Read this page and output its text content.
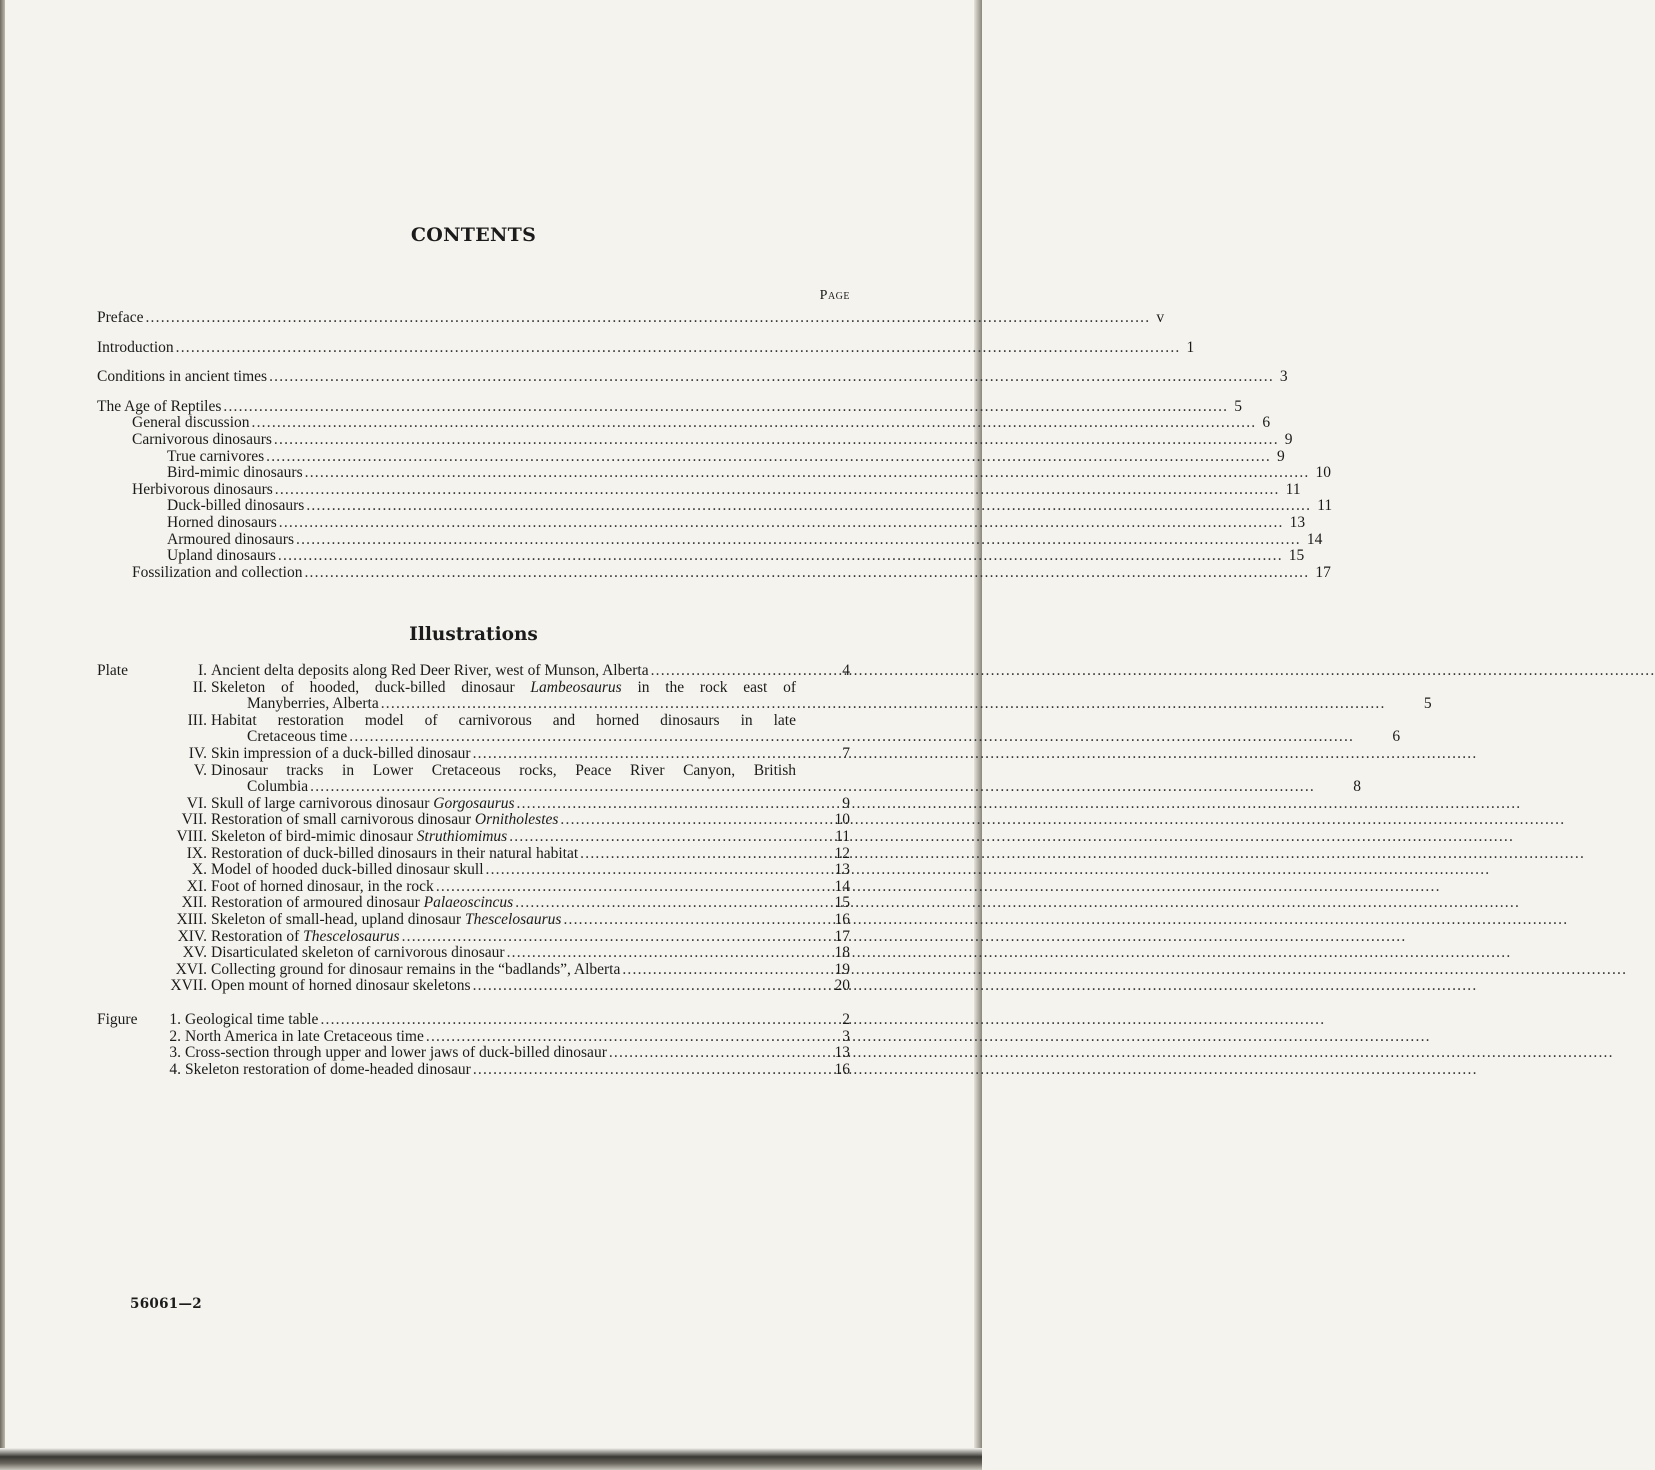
CONTENTS
Page
Preface .....	v
Introduction .....	1
Conditions in ancient times .....	3
The Age of Reptiles .....	5
General discussion .....	6
Carnivorous dinosaurs .....	9
True carnivores .....	9
Bird-mimic dinosaurs .....	10
Herbivorous dinosaurs .....	11
Duck-billed dinosaurs .....	11
Horned dinosaurs .....	13
Armoured dinosaurs .....	14
Upland dinosaurs .....	15
Fossilization and collection .....	17
Illustrations
Plate	I. Ancient delta deposits along Red Deer River, west of Munson, Alberta .....	4
II. Skeleton of hooded, duck-billed dinosaur Lambeosaurus in the rock east of
Manyberries, Alberta .....	5
III. Habitat restoration model of carnivorous and horned dinosaurs in late
Cretaceous time .....	6
IV. Skin impression of a duck-billed dinosaur .....	7
V. Dinosaur tracks in Lower Cretaceous rocks, Peace River Canyon, British
Columbia .....	8
VI. Skull of large carnivorous dinosaur Gorgosaurus .....	9
VII. Restoration of small carnivorous dinosaur Ornitholestes .....	10
VIII. Skeleton of bird-mimic dinosaur Struthiomimus .....	11
IX. Restoration of duck-billed dinosaurs in their natural habitat .....	12
X. Model of hooded duck-billed dinosaur skull .....	13
XI. Foot of horned dinosaur, in the rock .....	14
XII. Restoration of armoured dinosaur Palaeoscincus .....	15
XIII. Skeleton of small-head, upland dinosaur Thescelosaurus .....	16
XIV. Restoration of Thescelosaurus .....	17
XV. Disarticulated skeleton of carnivorous dinosaur .....	18
XVI. Collecting ground for dinosaur remains in the “badlands”, Alberta .....	19
XVII. Open mount of horned dinosaur skeletons .....	20
Figure	1. Geological time table .....	2
2. North America in late Cretaceous time .....	3
3. Cross-section through upper and lower jaws of duck-billed dinosaur .....	13
4. Skeleton restoration of dome-headed dinosaur .....	16
56061—2
